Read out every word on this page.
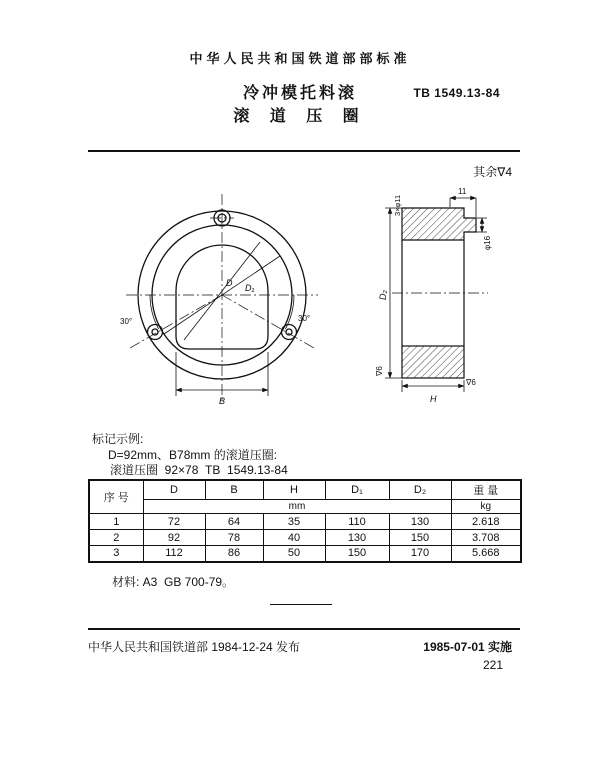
中华人民共和国铁道部部标准
冷冲模托料滚
滚 道 压 圈
TB 1549.13-84
其余∇4
D D₁
30°	30°
B
11
3×φ11
φ16
D₂
∇6
∇6
H
标记示例:
D=92mm、B78mm 的滚道压圈:
滚道压圈  92×78  TB  1549.13-84
序 号	D	B	H	D₁	D₂	重 量
	mm					kg
1	72	64	35	110	130	2.618
2	92	78	40	130	150	3.708
3	112	86	50	150	170	5.668
材料: A3  GB 700-79。
中华人民共和国铁道部 1984-12-24 发布	1985-07-01 实施
221
